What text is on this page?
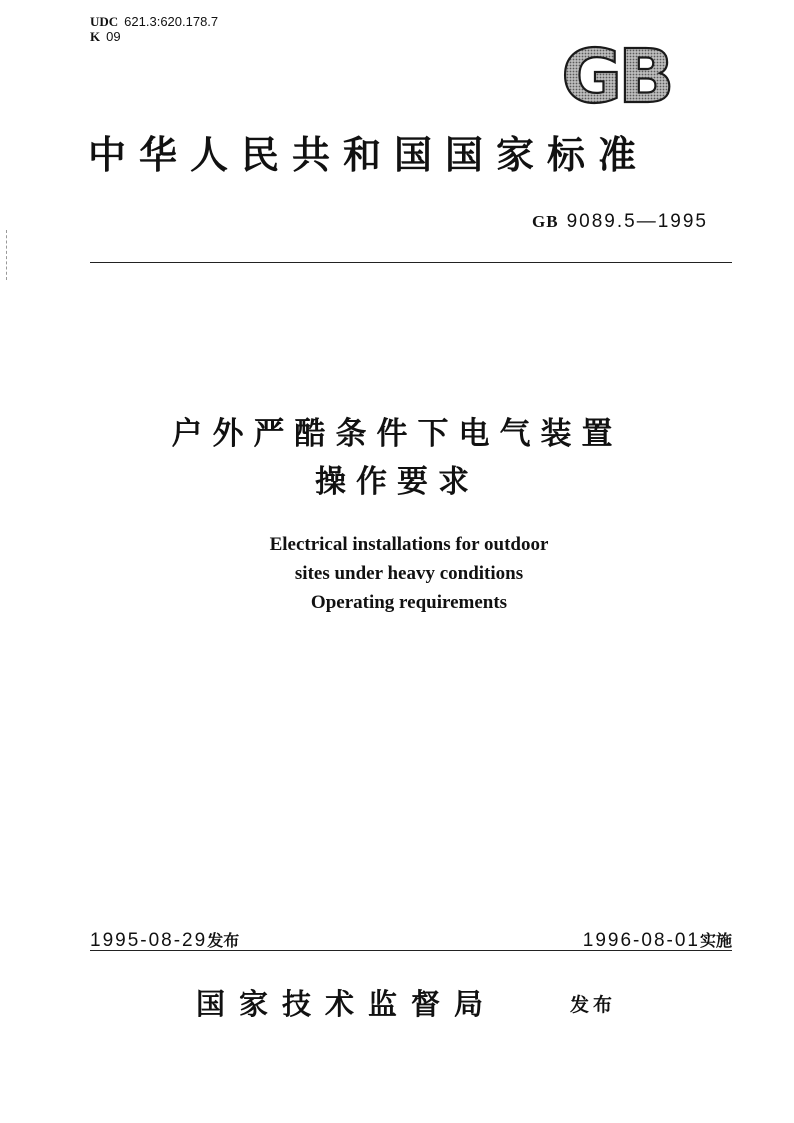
UDC 621.3:620.178.7
K 09	GB
中华人民共和国国家标准
GB 9089.5—1995
户外严酷条件下电气装置
操作要求
Electrical installations for outdoor
sites under heavy conditions
Operating requirements
1995-08-29发布	1996-08-01实施
国家技术监督局	发布
